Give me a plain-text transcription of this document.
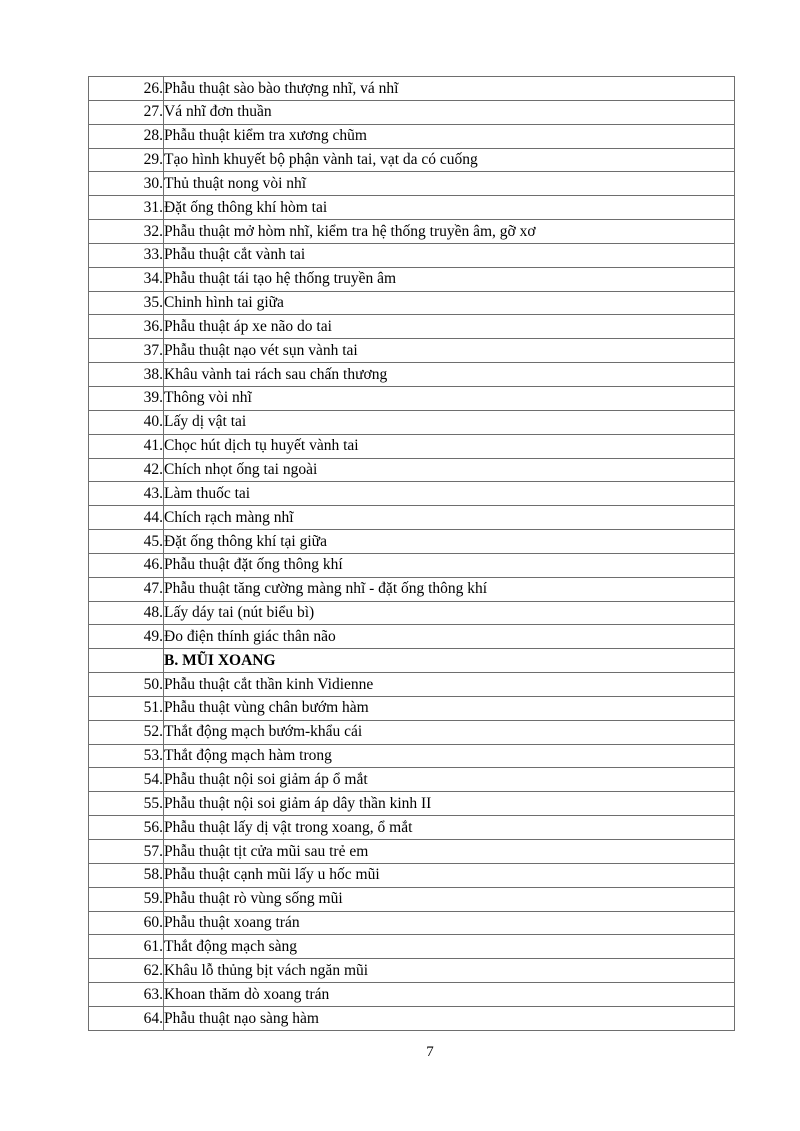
26.	Phẫu thuật sào bào thượng nhĩ, vá nhĩ
27.	Vá nhĩ đơn thuần
28.	Phẫu thuật kiểm tra xương chũm
29.	Tạo hình khuyết bộ phận vành tai, vạt da có cuống
30.	Thủ thuật nong vòi nhĩ
31.	Đặt ống thông khí hòm tai
32.	Phẫu thuật mở hòm nhĩ, kiểm tra hệ thống truyền âm, gỡ xơ
33.	Phẫu thuật cắt vành tai
34.	Phẫu thuật tái tạo hệ thống truyền âm
35.	Chinh hình tai giữa
36.	Phẫu thuật áp xe não do tai
37.	Phẫu thuật nạo vét sụn vành tai
38.	Khâu vành tai rách sau chấn thương
39.	Thông vòi nhĩ
40.	Lấy dị vật tai
41.	Chọc hút dịch tụ huyết vành tai
42.	Chích nhọt ống tai ngoài
43.	Làm thuốc tai
44.	Chích rạch màng nhĩ
45.	Đặt ống thông khí tại giữa
46.	Phẫu thuật đặt ống thông khí
47.	Phẫu thuật tăng cường màng nhĩ - đặt ống thông khí
48.	Lấy dáy tai (nút biểu bì)
49.	Đo điện thính giác thân não
	B. MŨI XOANG
50.	Phẫu thuật cắt thần kinh Vidienne
51.	Phẫu thuật vùng chân bướm hàm
52.	Thắt động mạch bướm-khẩu cái
53.	Thắt động mạch hàm trong
54.	Phẫu thuật nội soi giảm áp ổ mắt
55.	Phẫu thuật nội soi giảm áp dây thần kinh II
56.	Phẫu thuật lấy dị vật trong xoang, ổ mắt
57.	Phẫu thuật tịt cửa mũi sau trẻ em
58.	Phẫu thuật cạnh mũi lấy u hốc mũi
59.	Phẫu thuật rò vùng sống mũi
60.	Phẫu thuật xoang trán
61.	Thắt động mạch sàng
62.	Khâu lỗ thủng bịt vách ngăn mũi
63.	Khoan thăm dò xoang trán
64.	Phẫu thuật nạo sàng hàm
7
